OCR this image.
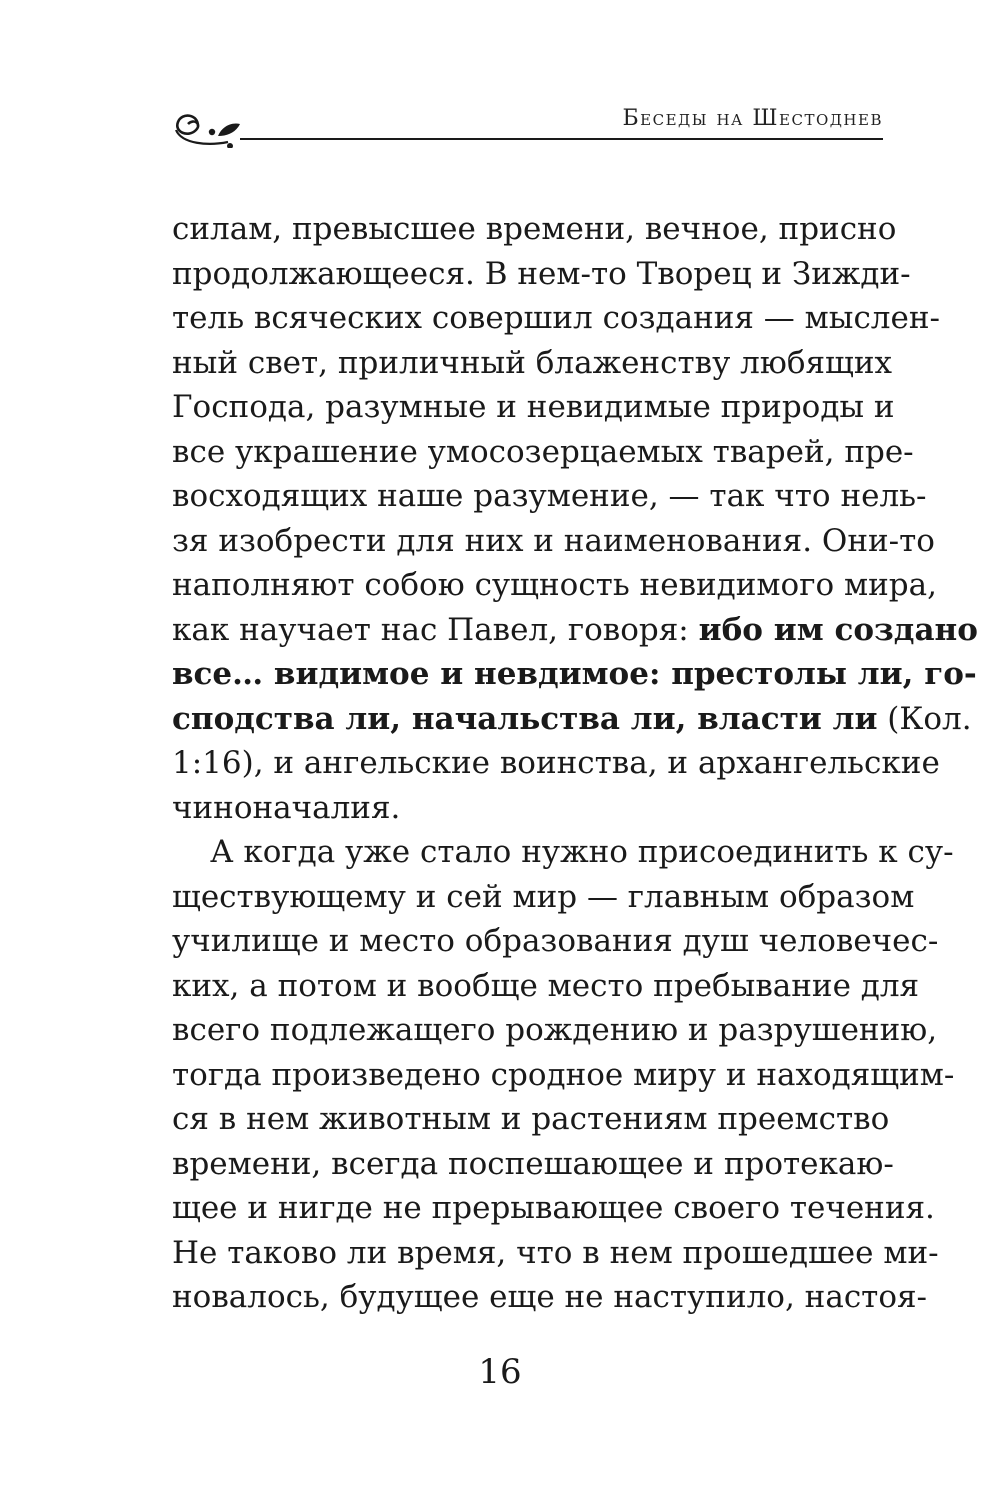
Беседы на Шестоднев
силам, превысшее времени, вечное, присно
продолжающееся. В нем-то Творец и Зижди-
тель всяческих совершил создания — мыслен-
ный свет, приличный блаженству любящих
Господа, разумные и невидимые природы и
все украшение умосозерцаемых тварей, пре-
восходящих наше разумение, — так что нель-
зя изобрести для них и наименования. Они-то
наполняют собою сущность невидимого мира,
как научает нас Павел, говоря: ибо им создано
все… видимое и невдимое: престолы ли, го-
сподства ли, начальства ли, власти ли (Кол.
1:16), и ангельские воинства, и архангельские
чиноначалия.
А когда уже стало нужно присоединить к су-
ществующему и сей мир — главным образом
училище и место образования душ человечес-
ких, а потом и вообще место пребывание для
всего подлежащего рождению и разрушению,
тогда произведено сродное миру и находящим-
ся в нем животным и растениям преемство
времени, всегда поспешающее и протекаю-
щее и нигде не прерывающее своего течения.
Не таково ли время, что в нем прошедшее ми-
новалось, будущее еще не наступило, настоя-
16
